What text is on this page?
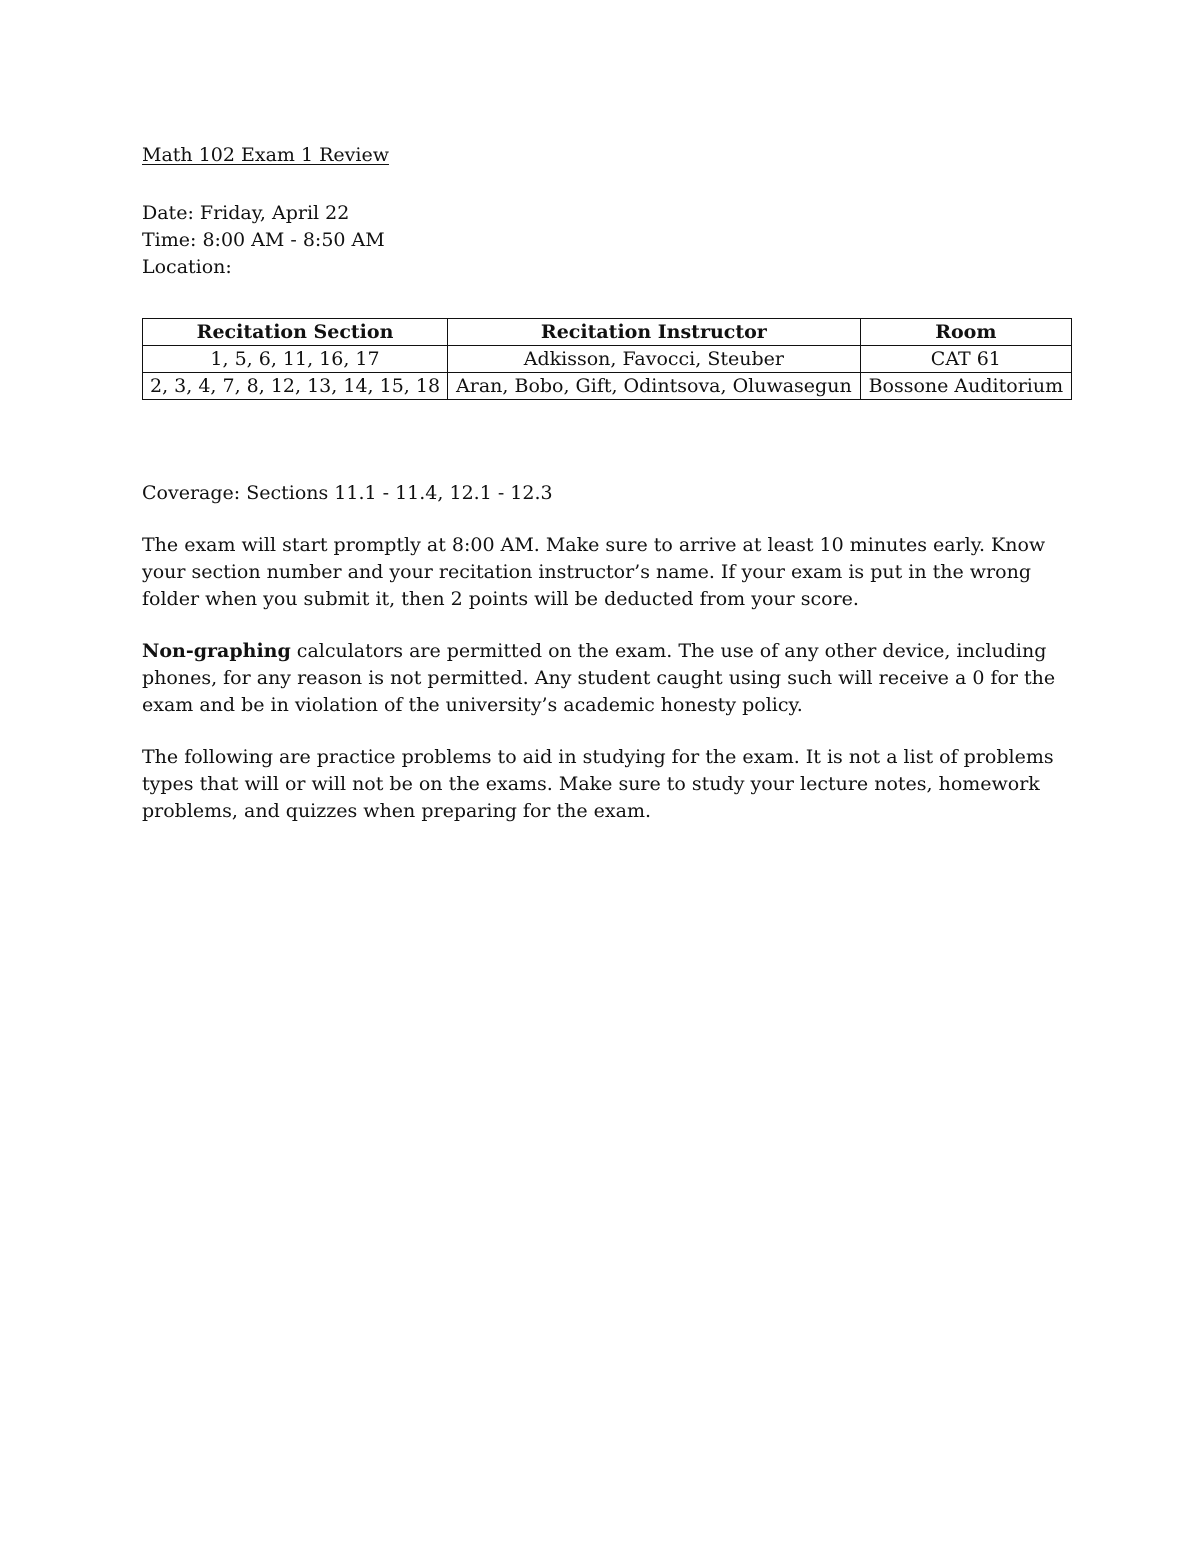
Math 102 Exam 1 Review

Date: Friday, April 22

Time: 8:00 AM - 8:50 AM

Location:

Recitation Section	Recitation Instructor	Room
1, 5, 6, 11, 16, 17	Adkisson, Favocci, Steuber	CAT 61
2, 3, 4, 7, 8, 12, 13, 14, 15, 18	Aran, Bobo, Gift, Odintsova, Oluwasegun	Bossone Auditorium

Coverage: Sections 11.1 - 11.4, 12.1 - 12.3

The exam will start promptly at 8:00 AM. Make sure to arrive at least 10 minutes early. Know your section number and your recitation instructor’s name. If your exam is put in the wrong folder when you submit it, then 2 points will be deducted from your score.

Non-graphing calculators are permitted on the exam. The use of any other device, including phones, for any reason is not permitted. Any student caught using such will receive a 0 for the exam and be in violation of the university’s academic honesty policy.

The following are practice problems to aid in studying for the exam. It is not a list of problems types that will or will not be on the exams. Make sure to study your lecture notes, homework problems, and quizzes when preparing for the exam.
